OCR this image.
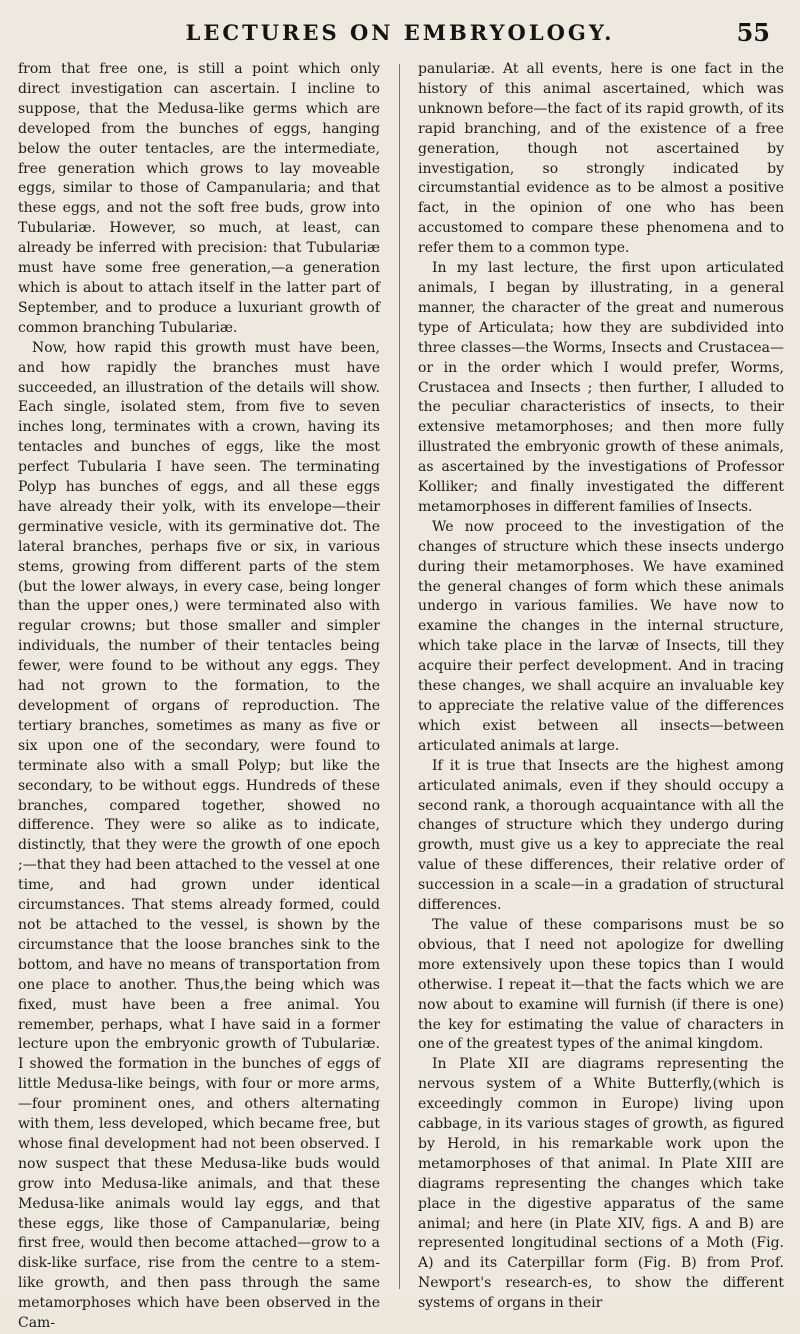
LECTURES ON EMBRYOLOGY.	55

from that free one, is still a point which only direct investigation can ascertain. I incline to suppose, that the Medusa-like germs which are developed from the bunches of eggs, hanging below the outer tentacles, are the intermediate, free generation which grows to lay moveable eggs, similar to those of Campanularia; and that these eggs, and not the soft free buds, grow into Tubulariæ. However, so much, at least, can already be inferred with precision: that Tubulariæ must have some free generation,—a generation which is about to attach itself in the latter part of September, and to produce a luxuriant growth of common branching Tubulariæ.

Now, how rapid this growth must have been, and how rapidly the branches must have succeeded, an illustration of the details will show. Each single, isolated stem, from five to seven inches long, terminates with a crown, having its tentacles and bunches of eggs, like the most perfect Tubularia I have seen. The terminating Polyp has bunches of eggs, and all these eggs have already their yolk, with its envelope—their germinative vesicle, with its germinative dot. The lateral branches, perhaps five or six, in various stems, growing from different parts of the stem (but the lower always, in every case, being longer than the upper ones,) were terminated also with regular crowns; but those smaller and simpler individuals, the number of their tentacles being fewer, were found to be without any eggs. They had not grown to the formation, to the development of organs of reproduction. The tertiary branches, sometimes as many as five or six upon one of the secondary, were found to terminate also with a small Polyp; but like the secondary, to be without eggs. Hundreds of these branches, compared together, showed no difference. They were so alike as to indicate, distinctly, that they were the growth of one epoch ;—that they had been attached to the vessel at one time, and had grown under identical circumstances. That stems already formed, could not be attached to the vessel, is shown by the circumstance that the loose branches sink to the bottom, and have no means of transportation from one place to another. Thus,the being which was fixed, must have been a free animal. You remember, perhaps, what I have said in a former lecture upon the embryonic growth of Tubulariæ. I showed the formation in the bunches of eggs of little Medusa-like beings, with four or more arms, —four prominent ones, and others alternating with them, less developed, which became free, but whose final development had not been observed. I now suspect that these Medusa-like buds would grow into Medusa-like animals, and that these Medusa-like animals would lay eggs, and that these eggs, like those of Campanulariæ, being first free, would then become attached—grow to a disk-like surface, rise from the centre to a stem-like growth, and then pass through the same metamorphoses which have been observed in the Cam-

panulariæ. At all events, here is one fact in the history of this animal ascertained, which was unknown before—the fact of its rapid growth, of its rapid branching, and of the existence of a free generation, though not ascertained by investigation, so strongly indicated by circumstantial evidence as to be almost a positive fact, in the opinion of one who has been accustomed to compare these phenomena and to refer them to a common type.

In my last lecture, the first upon articulated animals, I began by illustrating, in a general manner, the character of the great and numerous type of Articulata; how they are subdivided into three classes—the Worms, Insects and Crustacea—or in the order which I would prefer, Worms, Crustacea and Insects ; then further, I alluded to the peculiar characteristics of insects, to their extensive metamorphoses; and then more fully illustrated the embryonic growth of these animals, as ascertained by the investigations of Professor Kolliker; and finally investigated the different metamorphoses in different families of Insects.

We now proceed to the investigation of the changes of structure which these insects undergo during their metamorphoses. We have examined the general changes of form which these animals undergo in various families. We have now to examine the changes in the internal structure, which take place in the larvæ of Insects, till they acquire their perfect development. And in tracing these changes, we shall acquire an invaluable key to appreciate the relative value of the differences which exist between all insects—between articulated animals at large.

If it is true that Insects are the highest among articulated animals, even if they should occupy a second rank, a thorough acquaintance with all the changes of structure which they undergo during growth, must give us a key to appreciate the real value of these differences, their relative order of succession in a scale—in a gradation of structural differences.

The value of these comparisons must be so obvious, that I need not apologize for dwelling more extensively upon these topics than I would otherwise. I repeat it—that the facts which we are now about to examine will furnish (if there is one) the key for estimating the value of characters in one of the greatest types of the animal kingdom.

In Plate XII are diagrams representing the nervous system of a White Butterfly,(which is exceedingly common in Europe) living upon cabbage, in its various stages of growth, as figured by Herold, in his remarkable work upon the metamorphoses of that animal. In Plate XIII are diagrams representing the changes which take place in the digestive apparatus of the same animal; and here (in Plate XIV, figs. A and B) are represented longitudinal sections of a Moth (Fig. A) and its Caterpillar form (Fig. B) from Prof. Newport's research-es, to show the different systems of organs in their
